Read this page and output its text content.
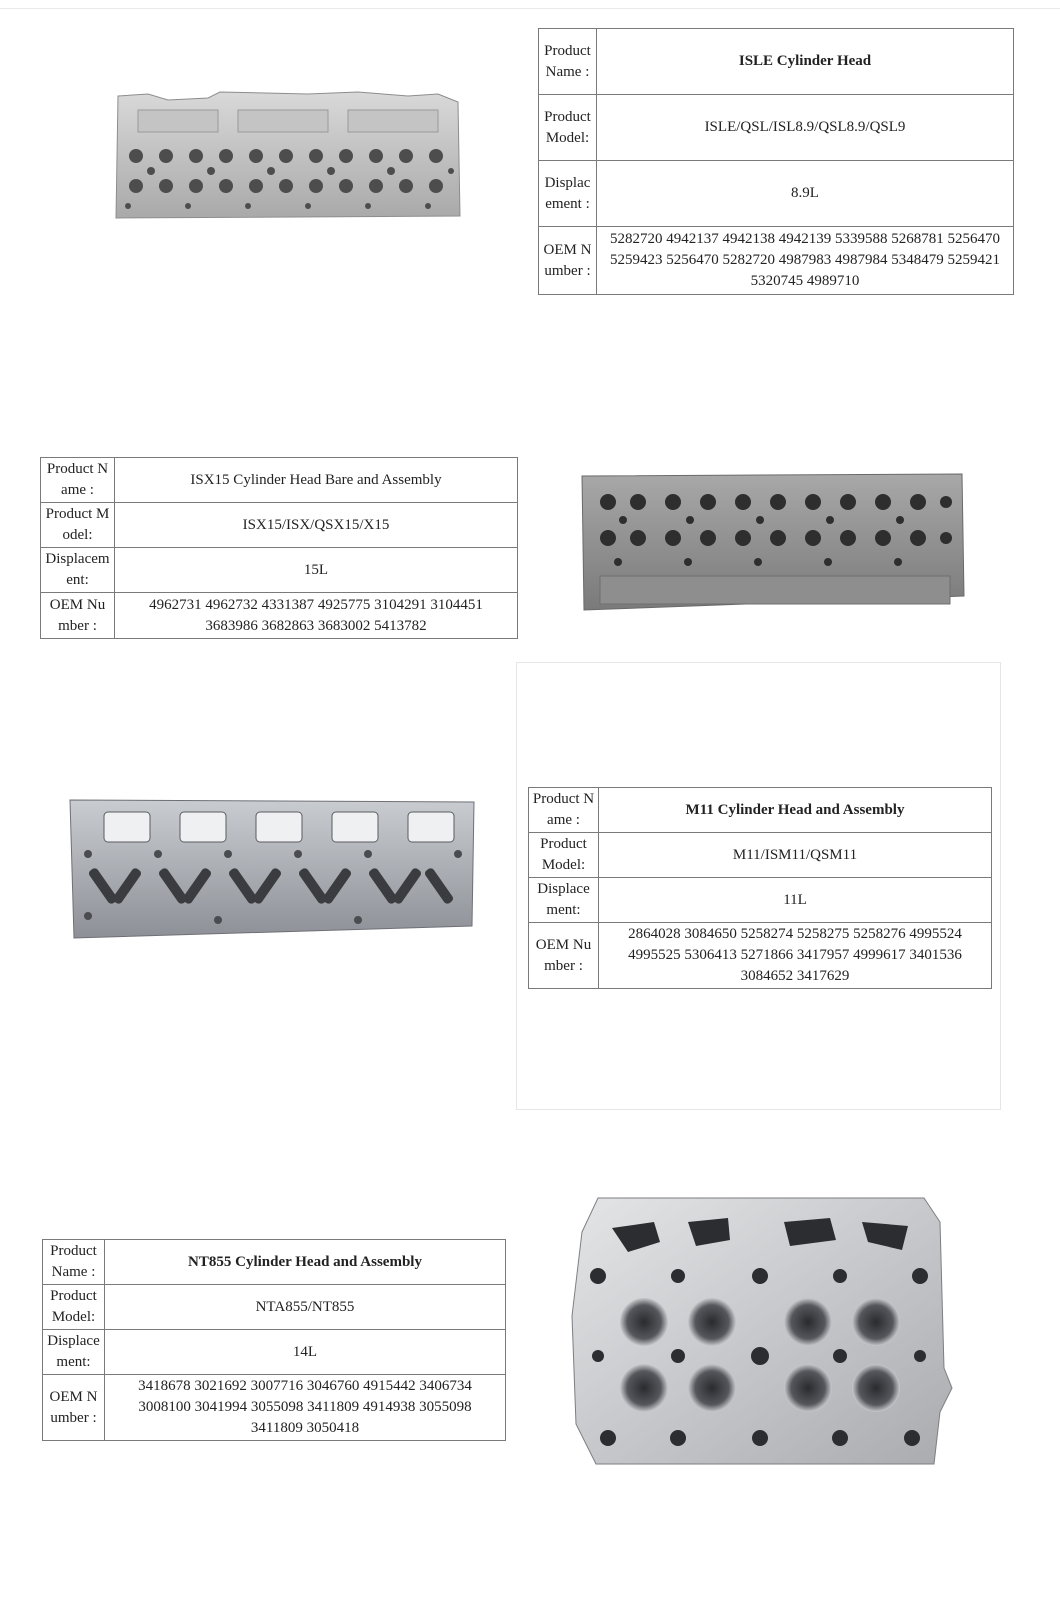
Product Name :	ISLE Cylinder Head
Product Model:	ISLE/QSL/ISL8.9/QSL8.9/QSL9
Displacement :	8.9L
OEM Number :	5282720 4942137 4942138 4942139 5339588 5268781 5256470 5259423 5256470 5282720 4987983 4987984 5348479 5259421 5320745 4989710
Product Name :	ISX15 Cylinder Head Bare and Assembly
Product Model:	ISX15/ISX/QSX15/X15
Displacement:	15L
OEM Number :	4962731 4962732 4331387 4925775 3104291 3104451 3683986 3682863 3683002 5413782
Product Name :	M11 Cylinder Head and Assembly
Product Model:	M11/ISM11/QSM11
Displacement:	11L
OEM Number :	2864028 3084650 5258274 5258275 5258276 4995524 4995525 5306413 5271866 3417957 4999617 3401536 3084652 3417629
Product Name :	NT855 Cylinder Head and Assembly
Product Model:	NTA855/NT855
Displacement:	14L
OEM Number :	3418678 3021692 3007716 3046760 4915442 3406734 3008100 3041994 3055098 3411809 4914938 3055098 3411809 3050418
